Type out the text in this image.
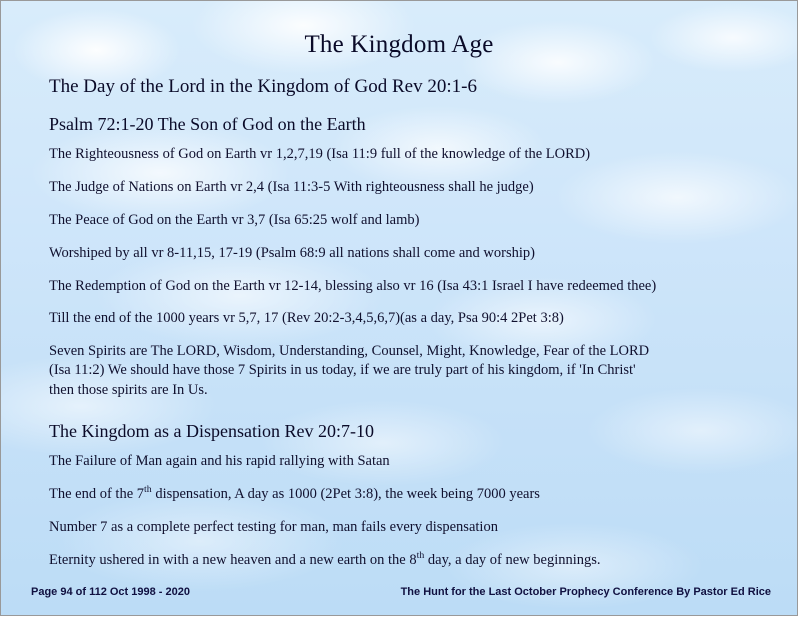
The Kingdom Age
The Day of the Lord in the Kingdom of God Rev 20:1-6
Psalm 72:1-20 The Son of God on the Earth
The Righteousness of God on Earth vr 1,2,7,19 (Isa 11:9 full of the knowledge of the LORD)
The Judge of Nations on Earth vr 2,4 (Isa 11:3-5 With righteousness shall he judge)
The Peace of God on the Earth vr 3,7 (Isa 65:25 wolf and lamb)
Worshiped by all vr 8-11,15, 17-19 (Psalm 68:9 all nations shall come and worship)
The Redemption of God on the Earth vr 12-14, blessing also vr 16 (Isa 43:1 Israel I have redeemed thee)
Till the end of the 1000 years vr 5,7, 17 (Rev 20:2-3,4,5,6,7)(as a day, Psa 90:4 2Pet 3:8)
Seven Spirits are The LORD, Wisdom, Understanding, Counsel, Might, Knowledge, Fear of the LORD
(Isa 11:2) We should have those 7 Spirits in us today, if we are truly part of his kingdom, if 'In Christ'
then those spirits are In Us.
The Kingdom as a Dispensation Rev 20:7-10
The Failure of Man again and his rapid rallying with Satan
The end of the 7th dispensation, A day as 1000 (2Pet 3:8), the week being 7000 years
Number 7 as a complete perfect testing for man, man fails every dispensation
Eternity ushered in with a new heaven and a new earth on the 8th day, a day of new beginnings.
Page 94 of 112 Oct 1998 - 2020	The Hunt for the Last October Prophecy Conference By Pastor Ed Rice
